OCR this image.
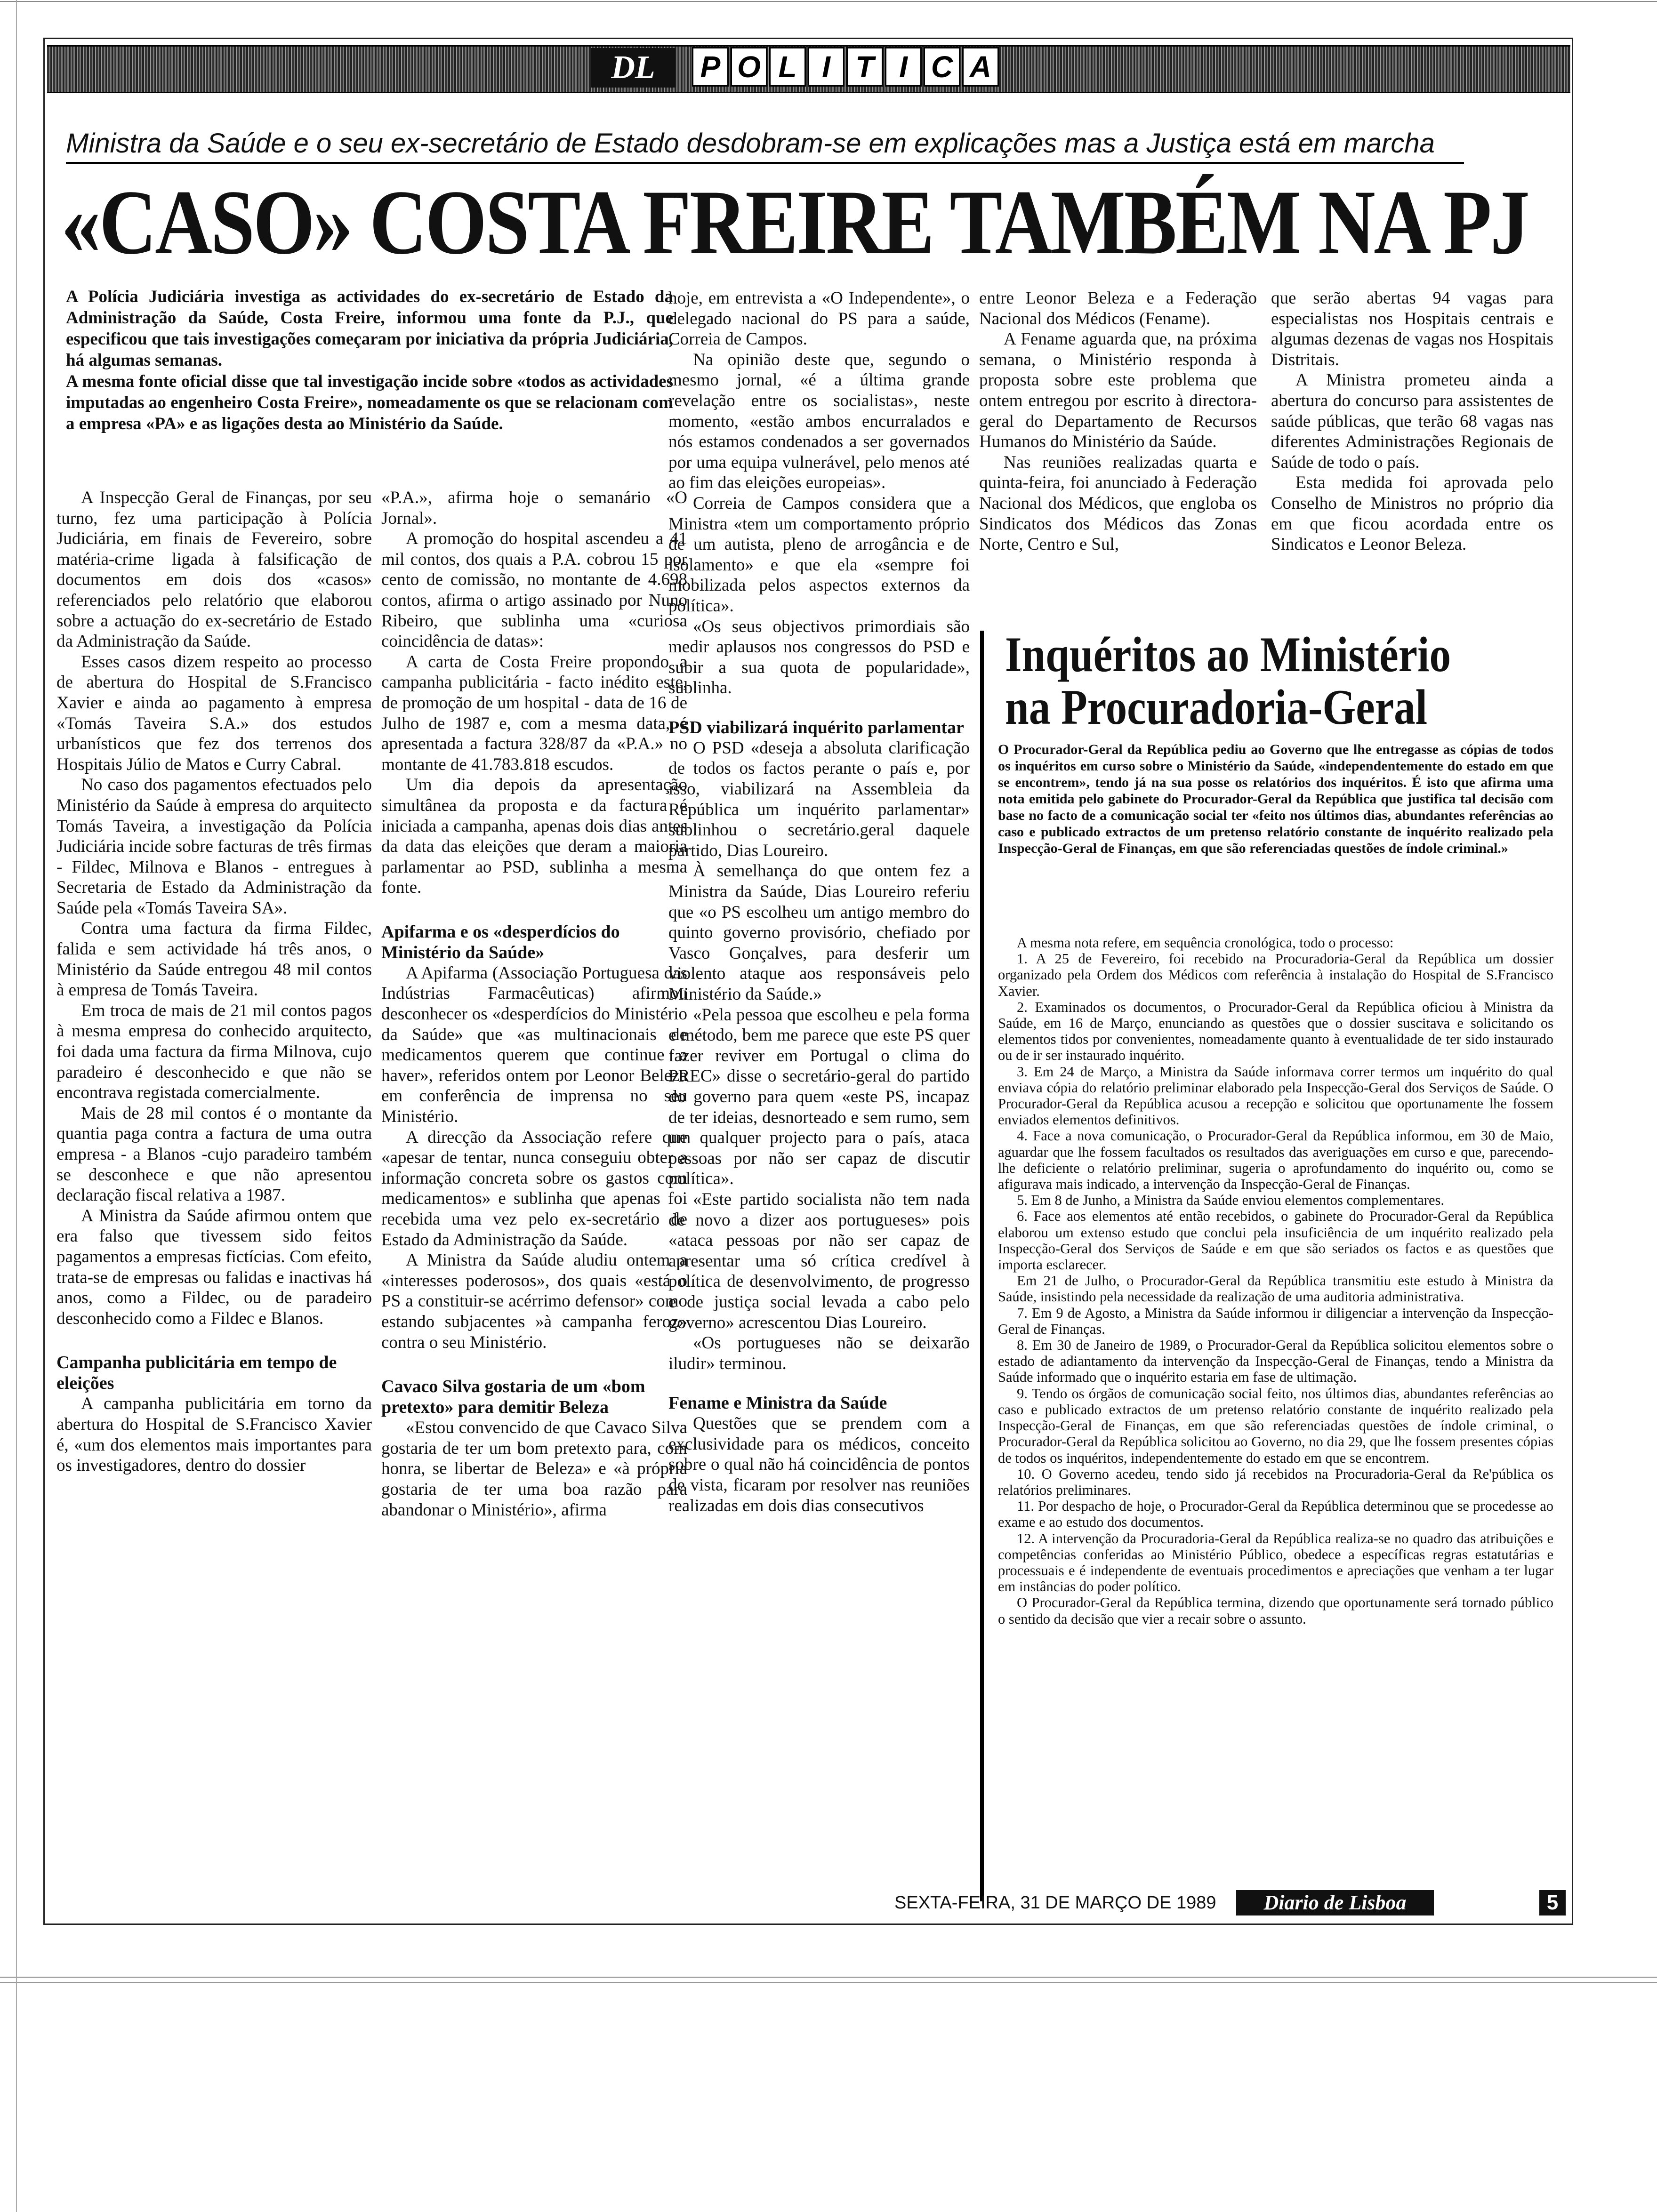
DL	P O L I T I C A
Ministra da Saúde e o seu ex-secretário de Estado desdobram-se em explicações mas a Justiça está em marcha
«CASO» COSTA FREIRE TAMBÉM NA PJ

A Polícia Judiciária investiga as actividades do ex-secretário de Estado da Administração da Saúde, Costa Freire, informou uma fonte da P.J., que especificou que tais investigações começaram por iniciativa da própria Judiciária, há algumas semanas.

A mesma fonte oficial disse que tal investigação incide sobre «todos as actividades imputadas ao engenheiro Costa Freire», nomeadamente os que se relacionam com a empresa «PA» e as ligações desta ao Ministério da Saúde.

A Inspecção Geral de Finanças, por seu turno, fez uma participação à Polícia Judiciária, em finais de Fevereiro, sobre matéria-crime ligada à falsificação de documentos em dois dos «casos» referenciados pelo relatório que elaborou sobre a actuação do ex-secretário de Estado da Administração da Saúde.

Esses casos dizem respeito ao processo de abertura do Hospital de S.Francisco Xavier e ainda ao pagamento à empresa «Tomás Taveira S.A.» dos estudos urbanísticos que fez dos terrenos dos Hospitais Júlio de Matos e Curry Cabral.

No caso dos pagamentos efectuados pelo Ministério da Saúde à empresa do arquitecto Tomás Taveira, a investigação da Polícia Judiciária incide sobre facturas de três firmas - Fildec, Milnova e Blanos - entregues à Secretaria de Estado da Administração da Saúde pela «Tomás Taveira SA».

Contra uma factura da firma Fildec, falida e sem actividade há três anos, o Ministério da Saúde entregou 48 mil contos à empresa de Tomás Taveira.

Em troca de mais de 21 mil contos pagos à mesma empresa do conhecido arquitecto, foi dada uma factura da firma Milnova, cujo paradeiro é desconhecido e que não se encontrava registada comercialmente.

Mais de 28 mil contos é o montante da quantia paga contra a factura de uma outra empresa - a Blanos -cujo paradeiro também se desconhece e que não apresentou declaração fiscal relativa a 1987.

A Ministra da Saúde afirmou ontem que era falso que tivessem sido feitos pagamentos a empresas fictícias. Com efeito, trata-se de empresas ou falidas e inactivas há anos, como a Fildec, ou de paradeiro desconhecido como a Fildec e Blanos.

Campanha publicitária em tempo de eleições

A campanha publicitária em torno da abertura do Hospital de S.Francisco Xavier é, «um dos elementos mais importantes para os investigadores, dentro do dossier

«P.A.», afirma hoje o semanário «O Jornal».

A promoção do hospital ascendeu a 41 mil contos, dos quais a P.A. cobrou 15 por cento de comissão, no montante de 4.698 contos, afirma o artigo assinado por Nuno Ribeiro, que sublinha uma «curiosa coincidência de datas»:

A carta de Costa Freire propondo a campanha publicitária - facto inédito este, de promoção de um hospital - data de 16 de Julho de 1987 e, com a mesma data, é apresentada a factura 328/87 da «P.A.» no montante de 41.783.818 escudos.

Um dia depois da apresentação simultânea da proposta e da factura é iniciada a campanha, apenas dois dias antes da data das eleições que deram a maioria parlamentar ao PSD, sublinha a mesma fonte.

Apifarma e os «desperdícios do Ministério da Saúde»

A Apifarma (Associação Portuguesa das Indústrias Farmacêuticas) afirmou desconhecer os «desperdícios do Ministério da Saúde» que «as multinacionais de medicamentos querem que continue a haver», referidos ontem por Leonor Beleza em conferência de imprensa no seu Ministério.

A direcção da Associação refere que «apesar de tentar, nunca conseguiu obter a informação concreta sobre os gastos com medicamentos» e sublinha que apenas foi recebida uma vez pelo ex-secretário de Estado da Administração da Saúde.

A Ministra da Saúde aludiu ontem a «interesses poderosos», dos quais «está o PS a constituir-se acérrimo defensor» como estando subjacentes »à campanha feroz» contra o seu Ministério.

Cavaco Silva gostaria de um «bom pretexto» para demitir Beleza

«Estou convencido de que Cavaco Silva gostaria de ter um bom pretexto para, com honra, se libertar de Beleza» e «à própria gostaria de ter uma boa razão para abandonar o Ministério», afirma

hoje, em entrevista a «O Independente», o delegado nacional do PS para a saúde, Correia de Campos.

Na opinião deste que, segundo o mesmo jornal, «é a última grande revelação entre os socialistas», neste momento, «estão ambos encurralados e nós estamos condenados a ser governados por uma equipa vulnerável, pelo menos até ao fim das eleições europeias».

Correia de Campos considera que a Ministra «tem um comportamento próprio de um autista, pleno de arrogância e de isolamento» e que ela «sempre foi mobilizada pelos aspectos externos da política».

«Os seus objectivos primordiais são medir aplausos nos congressos do PSD e subir a sua quota de popularidade», sublinha.

PSD viabilizará inquérito parlamentar

O PSD «deseja a absoluta clarificação de todos os factos perante o país e, por isso, viabilizará na Assembleia da República um inquérito parlamentar» sublinhou o secretário.geral daquele partido, Dias Loureiro.

À semelhança do que ontem fez a Ministra da Saúde, Dias Loureiro referiu que «o PS escolheu um antigo membro do quinto governo provisório, chefiado por Vasco Gonçalves, para desferir um violento ataque aos responsáveis pelo Ministério da Saúde.»

«Pela pessoa que escolheu e pela forma e método, bem me parece que este PS quer fazer reviver em Portugal o clima do PREC» disse o secretário-geral do partido do governo para quem «este PS, incapaz de ter ideias, desnorteado e sem rumo, sem um qualquer projecto para o país, ataca pessoas por não ser capaz de discutir política».

«Este partido socialista não tem nada de novo a dizer aos portugueses» pois «ataca pessoas por não ser capaz de apresentar uma só crítica credível à política de desenvolvimento, de progresso e de justiça social levada a cabo pelo governo» acrescentou Dias Loureiro.

«Os portugueses não se deixarão iludir» terminou.

Fename e Ministra da Saúde

Questões que se prendem com a exclusividade para os médicos, conceito sobre o qual não há coincidência de pontos de vista, ficaram por resolver nas reuniões realizadas em dois dias consecutivos

entre Leonor Beleza e a Federação Nacional dos Médicos (Fename).

A Fename aguarda que, na próxima semana, o Ministério responda à proposta sobre este problema que ontem entregou por escrito à directora-geral do Departamento de Recursos Humanos do Ministério da Saúde.

Nas reuniões realizadas quarta e quinta-feira, foi anunciado à Federação Nacional dos Médicos, que engloba os Sindicatos dos Médicos das Zonas Norte, Centro e Sul,

que serão abertas 94 vagas para especialistas nos Hospitais centrais e algumas dezenas de vagas nos Hospitais Distritais.

A Ministra prometeu ainda a abertura do concurso para assistentes de saúde públicas, que terão 68 vagas nas diferentes Administrações Regionais de Saúde de todo o país.

Esta medida foi aprovada pelo Conselho de Ministros no próprio dia em que ficou acordada entre os Sindicatos e Leonor Beleza.

Inquéritos ao Ministério
na Procuradoria-Geral
O Procurador-Geral da República pediu ao Governo que lhe entregasse as cópias de todos os inquéritos em curso sobre o Ministério da Saúde, «independentemente do estado em que se encontrem», tendo já na sua posse os relatórios dos inquéritos. É isto que afirma uma nota emitida pelo gabinete do Procurador-Geral da República que justifica tal decisão com base no facto de a comunicação social ter «feito nos últimos dias, abundantes referências ao caso e publicado extractos de um pretenso relatório constante de inquérito realizado pela Inspecção-Geral de Finanças, em que são referenciadas questões de índole criminal.»

A mesma nota refere, em sequência cronológica, todo o processo:

1. A 25 de Fevereiro, foi recebido na Procuradoria-Geral da República um dossier organizado pela Ordem dos Médicos com referência à instalação do Hospital de S.Francisco Xavier.

2. Examinados os documentos, o Procurador-Geral da República oficiou à Ministra da Saúde, em 16 de Março, enunciando as questões que o dossier suscitava e solicitando os elementos tidos por convenientes, nomeadamente quanto à eventualidade de ter sido instaurado ou de ir ser instaurado inquérito.

3. Em 24 de Março, a Ministra da Saúde informava correr termos um inquérito do qual enviava cópia do relatório preliminar elaborado pela Inspecção-Geral dos Serviços de Saúde. O Procurador-Geral da República acusou a recepção e solicitou que oportunamente lhe fossem enviados elementos definitivos.

4. Face a nova comunicação, o Procurador-Geral da República informou, em 30 de Maio, aguardar que lhe fossem facultados os resultados das averiguações em curso e que, parecendo-lhe deficiente o relatório preliminar, sugeria o aprofundamento do inquérito ou, como se afigurava mais indicado, a intervenção da Inspecção-Geral de Finanças.

5. Em 8 de Junho, a Ministra da Saúde enviou elementos complementares.

6. Face aos elementos até então recebidos, o gabinete do Procurador-Geral da República elaborou um extenso estudo que conclui pela insuficiência de um inquérito realizado pela Inspecção-Geral dos Serviços de Saúde e em que são seriados os factos e as questões que importa esclarecer.

Em 21 de Julho, o Procurador-Geral da República transmitiu este estudo à Ministra da Saúde, insistindo pela necessidade da realização de uma auditoria administrativa.

7. Em 9 de Agosto, a Ministra da Saúde informou ir diligenciar a intervenção da Inspecção-Geral de Finanças.

8. Em 30 de Janeiro de 1989, o Procurador-Geral da República solicitou elementos sobre o estado de adiantamento da intervenção da Inspecção-Geral de Finanças, tendo a Ministra da Saúde informado que o inquérito estaria em fase de ultimação.

9. Tendo os órgãos de comunicação social feito, nos últimos dias, abundantes referências ao caso e publicado extractos de um pretenso relatório constante de inquérito realizado pela Inspecção-Geral de Finanças, em que são referenciadas questões de índole criminal, o Procurador-Geral da República solicitou ao Governo, no dia 29, que lhe fossem presentes cópias de todos os inquéritos, independentemente do estado em que se encontrem.

10. O Governo acedeu, tendo sido já recebidos na Procuradoria-Geral da Re'pública os relatórios preliminares.

11. Por despacho de hoje, o Procurador-Geral da República determinou que se procedesse ao exame e ao estudo dos documentos.

12. A intervenção da Procuradoria-Geral da República realiza-se no quadro das atribuições e competências conferidas ao Ministério Público, obedece a específicas regras estatutárias e processuais e é independente de eventuais procedimentos e apreciações que venham a ter lugar em instâncias do poder político.

O Procurador-Geral da República termina, dizendo que oportunamente será tornado público o sentido da decisão que vier a recair sobre o assunto.

SEXTA-FEIRA, 31 DE MARÇO DE 1989	Diario de Lisboa	5
